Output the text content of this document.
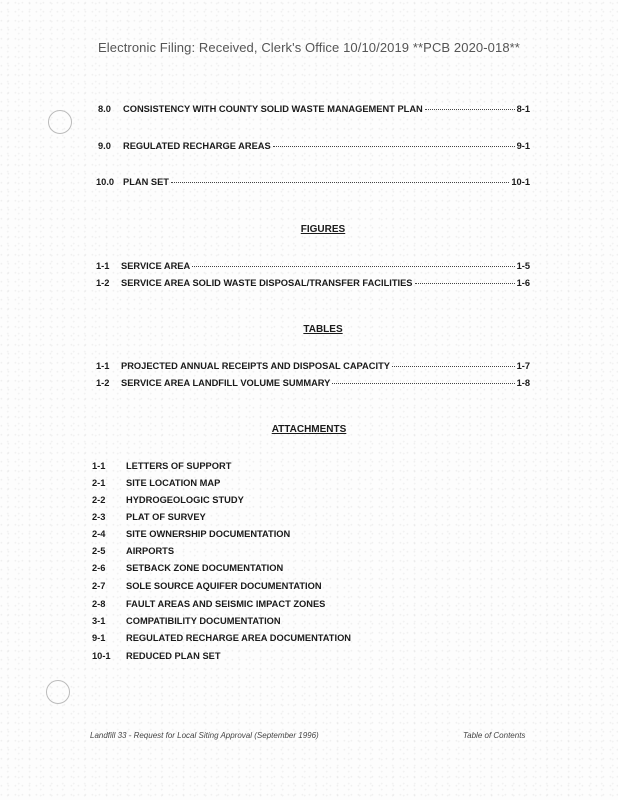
Electronic Filing: Received, Clerk's Office 10/10/2019 **PCB 2020-018**
8.0	CONSISTENCY WITH COUNTY SOLID WASTE MANAGEMENT PLAN	8-1
9.0	REGULATED RECHARGE AREAS	9-1
10.0 PLAN SET	10-1
FIGURES
1-1	SERVICE AREA	1-5
1-2	SERVICE AREA SOLID WASTE DISPOSAL/TRANSFER FACILITIES	1-6
TABLES
1-1	PROJECTED ANNUAL RECEIPTS AND DISPOSAL CAPACITY	1-7
1-2	SERVICE AREA LANDFILL VOLUME SUMMARY	1-8
ATTACHMENTS
1-1	LETTERS OF SUPPORT
2-1	SITE LOCATION MAP
2-2	HYDROGEOLOGIC STUDY
2-3	PLAT OF SURVEY
2-4	SITE OWNERSHIP DOCUMENTATION
2-5	AIRPORTS
2-6	SETBACK ZONE DOCUMENTATION
2-7	SOLE SOURCE AQUIFER DOCUMENTATION
2-8	FAULT AREAS AND SEISMIC IMPACT ZONES
3-1	COMPATIBILITY DOCUMENTATION
9-1	REGULATED RECHARGE AREA DOCUMENTATION
10-1	REDUCED PLAN SET
Landfill 33 - Request for Local Siting Approval (September 1996)	Table of Contents
